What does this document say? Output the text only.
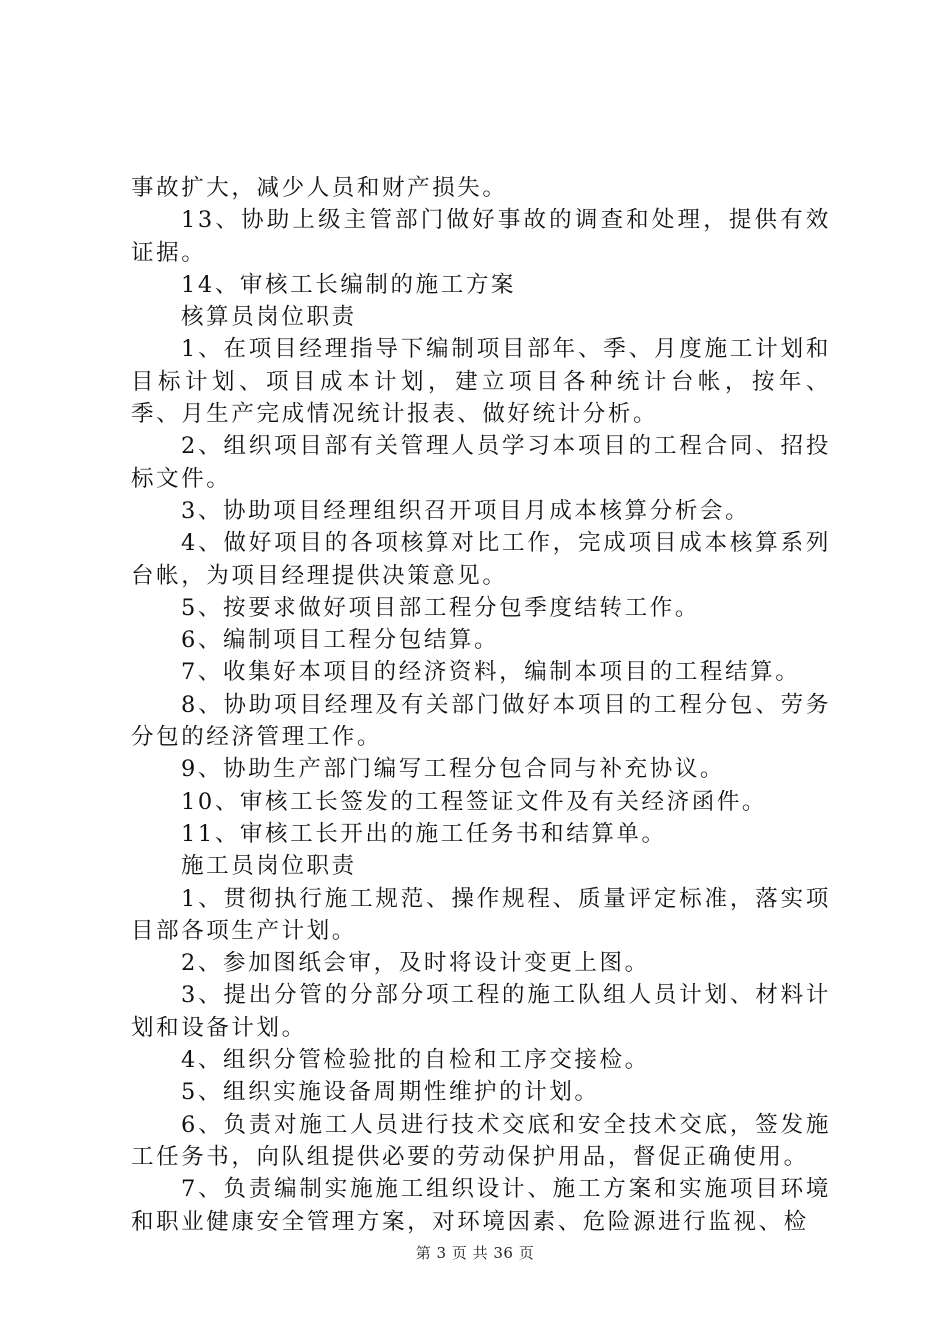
事故扩大，减少人员和财产损失。

13、协助上级主管部门做好事故的调查和处理，提供有效证据。

14、审核工长编制的施工方案

核算员岗位职责

1、在项目经理指导下编制项目部年、季、月度施工计划和目标计划、项目成本计划，建立项目各种统计台帐，按年、季、月生产完成情况统计报表、做好统计分析。

2、组织项目部有关管理人员学习本项目的工程合同、招投标文件。

3、协助项目经理组织召开项目月成本核算分析会。

4、做好项目的各项核算对比工作，完成项目成本核算系列台帐，为项目经理提供决策意见。

5、按要求做好项目部工程分包季度结转工作。

6、编制项目工程分包结算。

7、收集好本项目的经济资料，编制本项目的工程结算。

8、协助项目经理及有关部门做好本项目的工程分包、劳务分包的经济管理工作。

9、协助生产部门编写工程分包合同与补充协议。

10、审核工长签发的工程签证文件及有关经济函件。

11、审核工长开出的施工任务书和结算单。

施工员岗位职责

1、贯彻执行施工规范、操作规程、质量评定标准，落实项目部各项生产计划。

2、参加图纸会审，及时将设计变更上图。

3、提出分管的分部分项工程的施工队组人员计划、材料计划和设备计划。

4、组织分管检验批的自检和工序交接检。

5、组织实施设备周期性维护的计划。

6、负责对施工人员进行技术交底和安全技术交底，签发施工任务书，向队组提供必要的劳动保护用品，督促正确使用。

7、负责编制实施施工组织设计、施工方案和实施项目环境和职业健康安全管理方案，对环境因素、危险源进行监视、检

第 3 页 共 36 页
